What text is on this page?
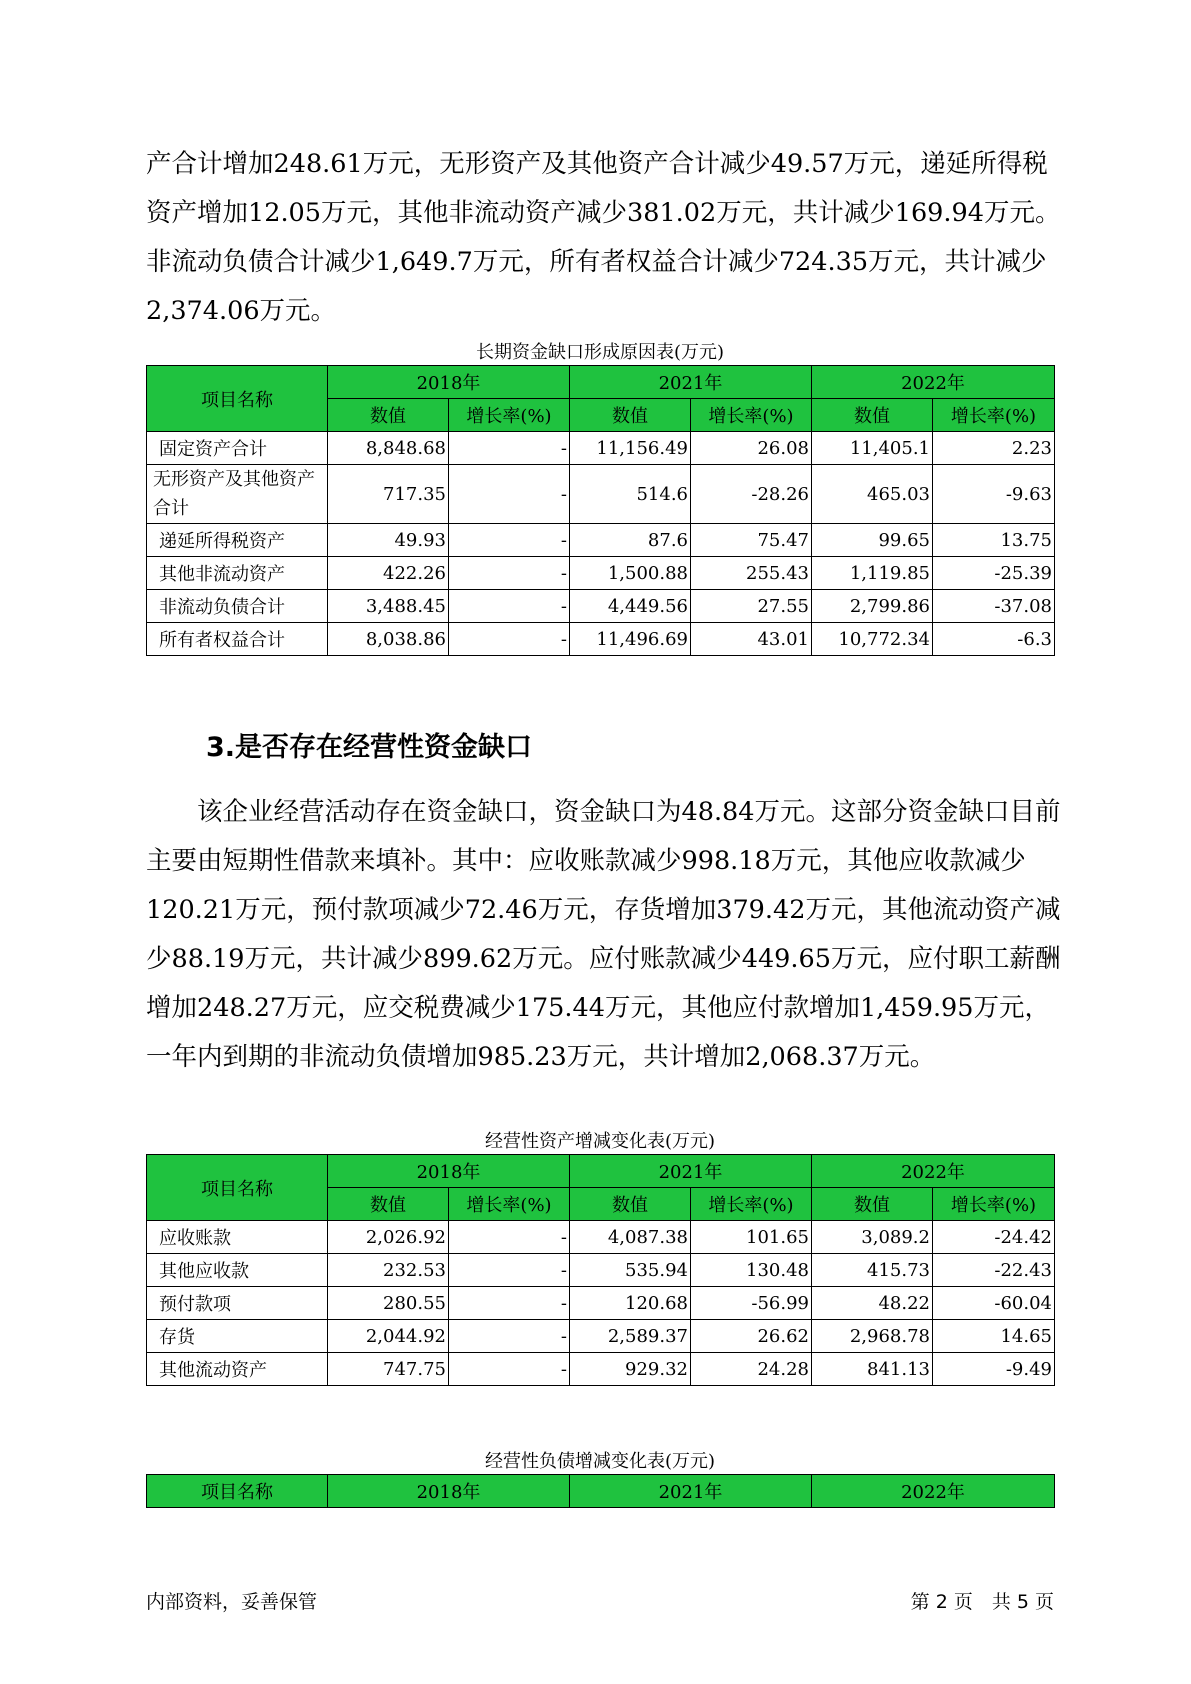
产合计增加248.61万元，无形资产及其他资产合计减少49.57万元，递延所得税资产增加12.05万元，其他非流动资产减少381.02万元，共计减少169.94万元。非流动负债合计减少1,649.7万元，所有者权益合计减少724.35万元，共计减少2,374.06万元。

长期资金缺口形成原因表(万元)
项目名称	2018年		2021年		2022年	
	数值	增长率(%)	数值	增长率(%)	数值	增长率(%)
固定资产合计	8,848.68	-	11,156.49	26.08	11,405.1	2.23
无形资产及其他资产合计	717.35	-	514.6	-28.26	465.03	-9.63
递延所得税资产	49.93	-	87.6	75.47	99.65	13.75
其他非流动资产	422.26	-	1,500.88	255.43	1,119.85	-25.39
非流动负债合计	3,488.45	-	4,449.56	27.55	2,799.86	-37.08
所有者权益合计	8,038.86	-	11,496.69	43.01	10,772.34	-6.3
3.是否存在经营性资金缺口

该企业经营活动存在资金缺口，资金缺口为48.84万元。这部分资金缺口目前主要由短期性借款来填补。其中：应收账款减少998.18万元，其他应收款减少120.21万元，预付款项减少72.46万元，存货增加379.42万元，其他流动资产减少88.19万元，共计减少899.62万元。应付账款减少449.65万元，应付职工薪酬增加248.27万元，应交税费减少175.44万元，其他应付款增加1,459.95万元，一年内到期的非流动负债增加985.23万元，共计增加2,068.37万元。

经营性资产增减变化表(万元)
项目名称	2018年		2021年		2022年	
	数值	增长率(%)	数值	增长率(%)	数值	增长率(%)
应收账款	2,026.92	-	4,087.38	101.65	3,089.2	-24.42
其他应收款	232.53	-	535.94	130.48	415.73	-22.43
预付款项	280.55	-	120.68	-56.99	48.22	-60.04
存货	2,044.92	-	2,589.37	26.62	2,968.78	14.65
其他流动资产	747.75	-	929.32	24.28	841.13	-9.49
经营性负债增减变化表(万元)
项目名称	2018年	2021年	2022年
内部资料，妥善保管	第 2 页　共 5 页
